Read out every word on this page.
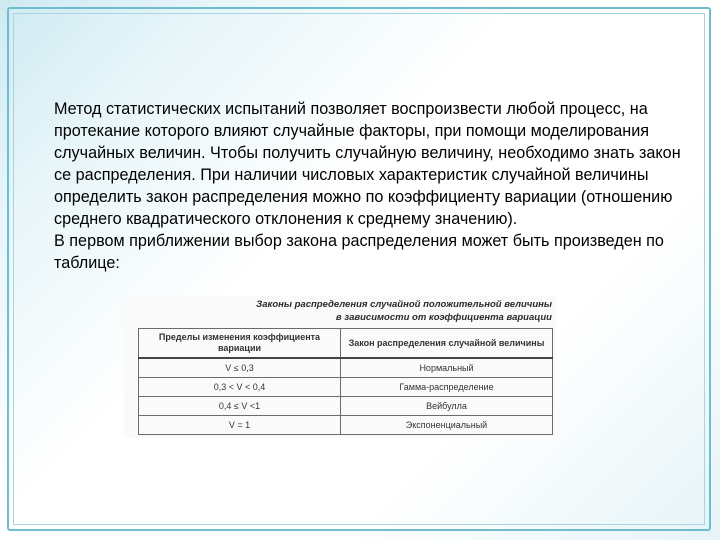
Метод статистических испытаний позволяет воспроизвести любой процесс, на протекание которого влияют случайные факторы, при помощи моделирования случайных величин. Чтобы получить случайную величину, необходимо знать закон се распределения. При наличии числовых характеристик случайной величины определить закон распределения можно по коэффициенту вариации (отношению среднего квадратического отклонения к среднему значению).

В первом приближении выбор закона распределения может быть произведен по таблице:

Законы распределения случайной положительной величины
в зависимости от коэффициента вариации
Пределы изменения коэффициента вариации	Закон распределения случайной величины
V ≤ 0,3	Нормальный
0,3 < V < 0,4	Гамма-распределение
0,4 ≤ V <1	Вейбулла
V = 1	Экспоненциальный
